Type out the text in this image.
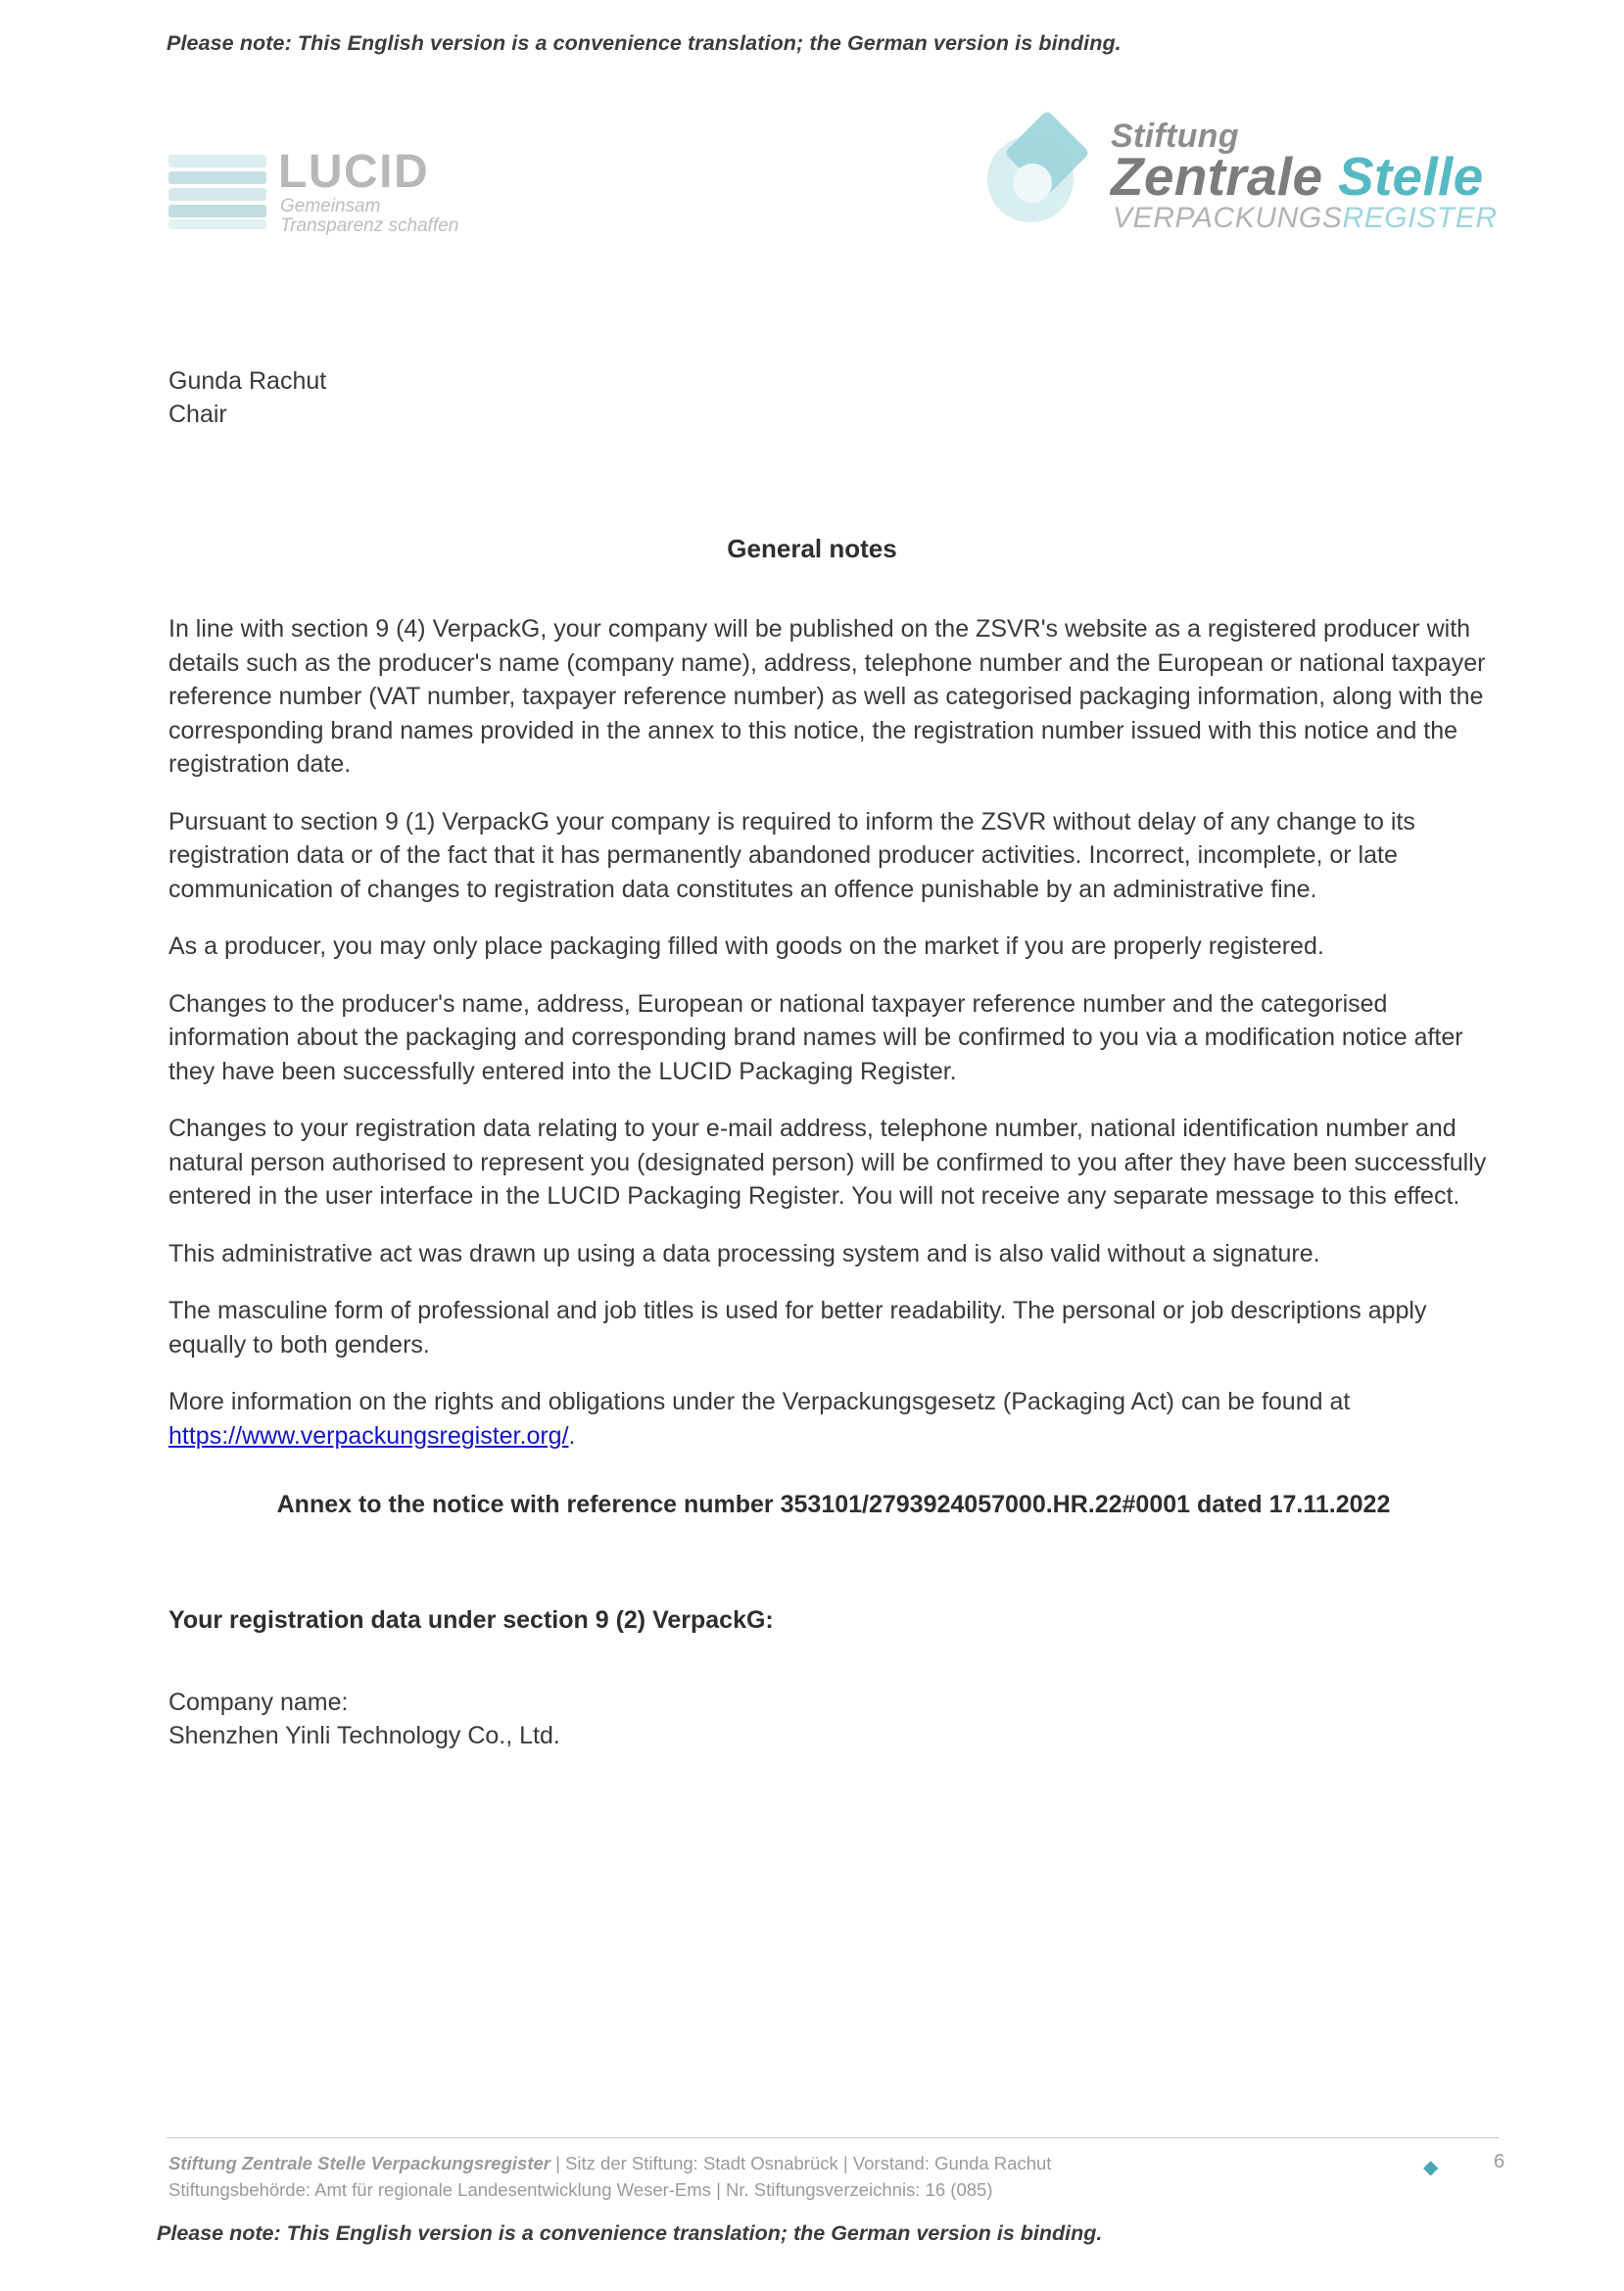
Please note: This English version is a convenience translation; the German version is binding.
LUCID
Gemeinsam
Transparenz schaffen
Stiftung
Zentrale Stelle
VERPACKUNGSREGISTER
Gunda Rachut
Chair
General notes

In line with section 9 (4) VerpackG, your company will be published on the ZSVR's website as a registered producer with details such as the producer's name (company name), address, telephone number and the European or national taxpayer reference number (VAT number, taxpayer reference number) as well as categorised packaging information, along with the corresponding brand names provided in the annex to this notice, the registration number issued with this notice and the registration date.

Pursuant to section 9 (1) VerpackG your company is required to inform the ZSVR without delay of any change to its registration data or of the fact that it has permanently abandoned producer activities. Incorrect, incomplete, or late communication of changes to registration data constitutes an offence punishable by an administrative fine.

As a producer, you may only place packaging filled with goods on the market if you are properly registered.

Changes to the producer's name, address, European or national taxpayer reference number and the categorised information about the packaging and corresponding brand names will be confirmed to you via a modification notice after they have been successfully entered into the LUCID Packaging Register.

Changes to your registration data relating to your e-mail address, telephone number, national identification number and natural person authorised to represent you (designated person) will be confirmed to you after they have been successfully entered in the user interface in the LUCID Packaging Register. You will not receive any separate message to this effect.

This administrative act was drawn up using a data processing system and is also valid without a signature.

The masculine form of professional and job titles is used for better readability. The personal or job descriptions apply equally to both genders.

More information on the rights and obligations under the Verpackungsgesetz (Packaging Act) can be found at https://www.verpackungsregister.org/.

Annex to the notice with reference number 353101/2793924057000.HR.22#0001 dated 17.11.2022

Your registration data under section 9 (2) VerpackG:

Company name:
Shenzhen Yinli Technology Co., Ltd.
Stiftung Zentrale Stelle Verpackungsregister | Sitz der Stiftung: Stadt Osnabrück | Vorstand: Gunda Rachut
Stiftungsbehörde: Amt für regionale Landesentwicklung Weser-Ems | Nr. Stiftungsverzeichnis: 16 (085)
◆	6
Please note: This English version is a convenience translation; the German version is binding.
